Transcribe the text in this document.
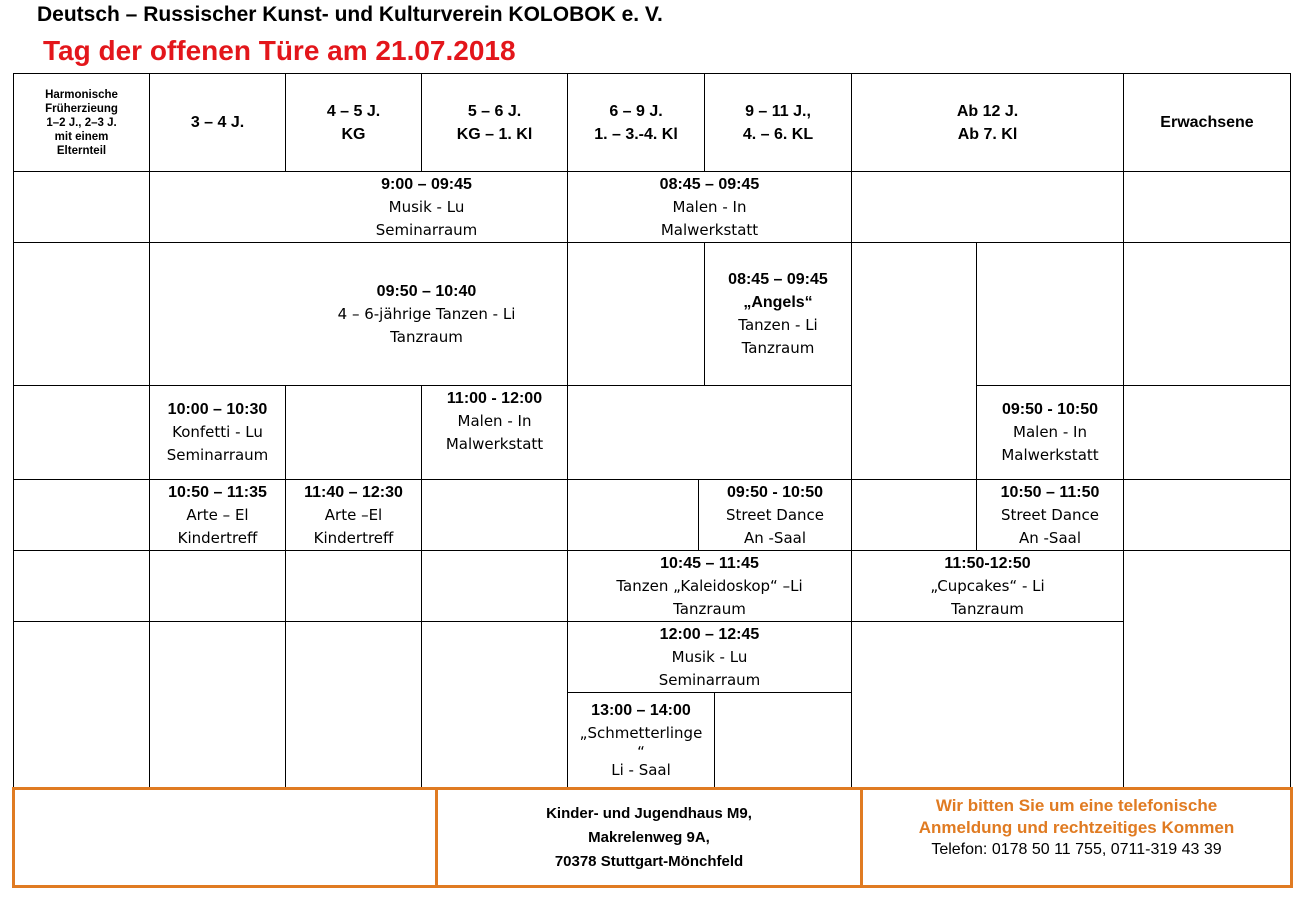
Deutsch – Russischer Kunst- und Kulturverein KOLOBOK e. V.
Tag der offenen Türe am 21.07.2018
Harmonische
Früherzieung
1–2 J., 2–3 J.
mit einem
Elternteil
3 – 4 J.
4 – 5 J.
KG
5 – 6 J.
KG – 1. Kl
6 – 9 J.
1. – 3.-4. Kl
9 – 11 J.,
4. – 6. KL
Ab 12 J.
Ab 7. Kl
Erwachsene
9:00 – 09:45
Musik - Lu
Seminarraum
08:45 – 09:45
Malen - In
Malwerkstatt
09:50 – 10:40
4 – 6-jährige Tanzen - Li
Tanzraum
08:45 – 09:45
„Angels“
Tanzen - Li
Tanzraum
10:00 – 10:30
Konfetti - Lu
Seminarraum
11:00 - 12:00
Malen - In
Malwerkstatt
09:50 - 10:50
Malen - In
Malwerkstatt
10:50 – 11:35
Arte – El
Kindertreff
11:40 – 12:30
Arte –El
Kindertreff
09:50 - 10:50
Street Dance
An -Saal
10:50 – 11:50
Street Dance
An -Saal
10:45 – 11:45
Tanzen „Kaleidoskop“ –Li
Tanzraum
11:50-12:50
„Cupcakes“ - Li
Tanzraum
12:00 – 12:45
Musik - Lu
Seminarraum
13:00 – 14:00
„Schmetterlinge
“
Li - Saal
Kinder- und Jugendhaus M9,
Makrelenweg 9A,
70378 Stuttgart-Mönchfeld
Wir bitten Sie um eine telefonische
Anmeldung und rechtzeitiges Kommen
Telefon: 0178 50 11 755, 0711-319 43 39
